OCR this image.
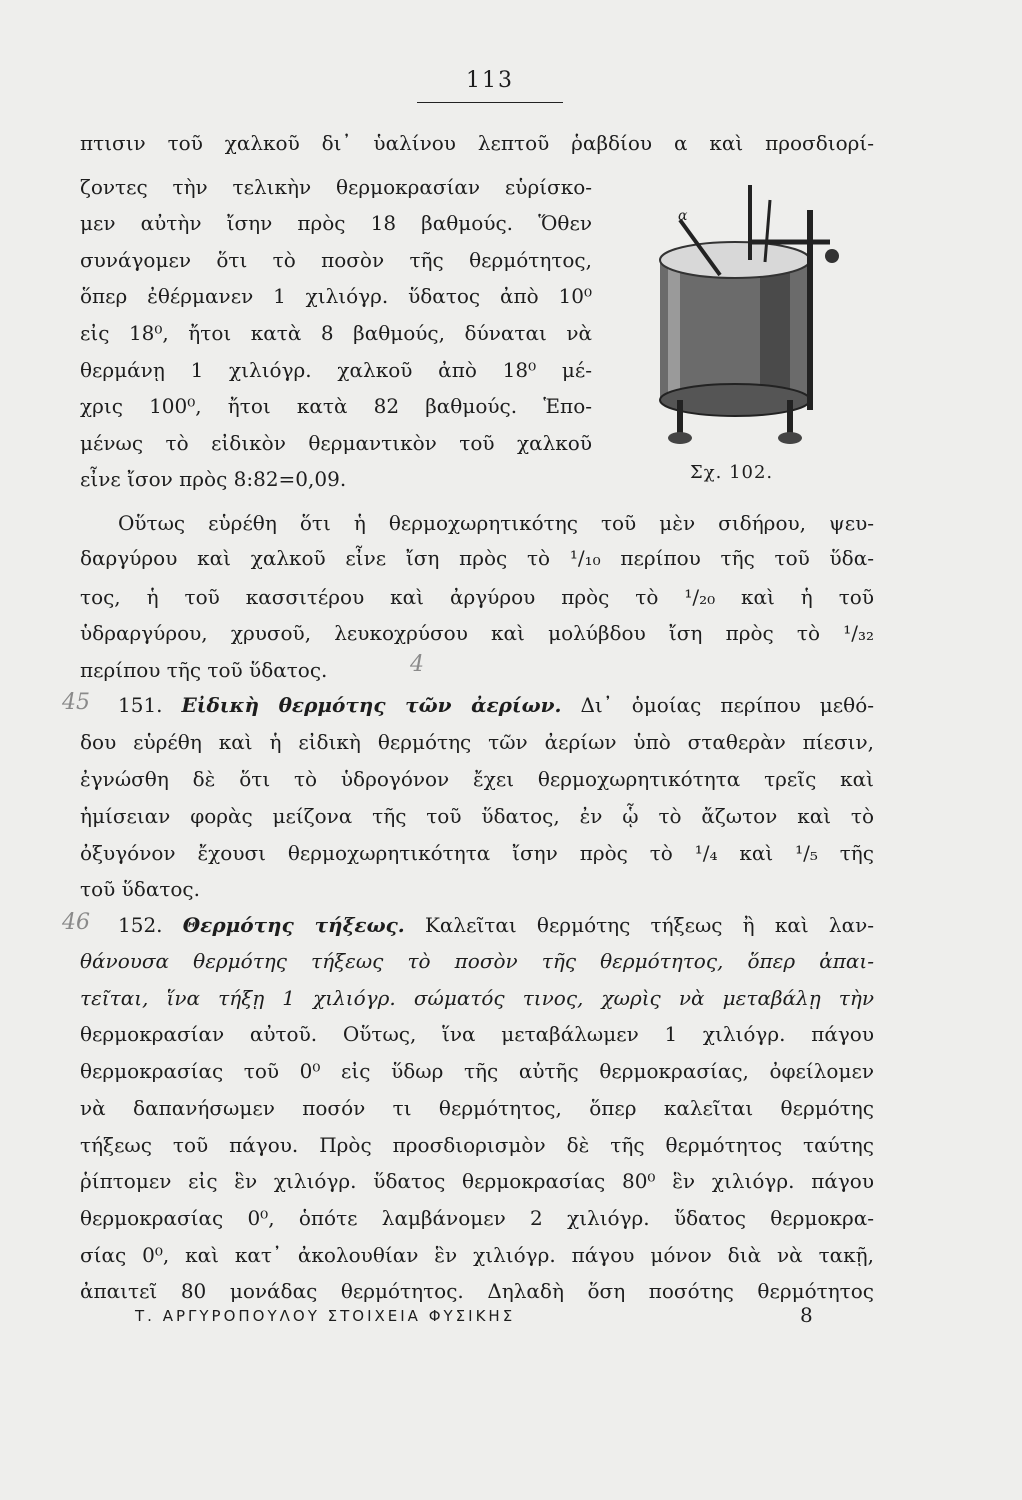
113
πτισιν τοῦ χαλκοῦ δι᾽ ὑαλίνου λεπτοῦ ῥαβδίου α καὶ προσδιορί-
ζοντες τὴν τελικὴν θερμοκρασίαν εὑρίσκο-
μεν αὐτὴν ἴσην πρὸς 18 βαθμούς. Ὅθεν
συνάγομεν ὅτι τὸ ποσὸν τῆς θερμότητος,
ὅπερ ἐθέρμανεν 1 χιλιόγρ. ὕδατος ἀπὸ 10⁰
εἰς 18⁰, ἤτοι κατὰ 8 βαθμούς, δύναται νὰ
θερμάνῃ 1 χιλιόγρ. χαλκοῦ ἀπὸ 18⁰ μέ-
χρις 100⁰, ἤτοι κατὰ 82 βαθμούς. Ἑπο-
μένως τὸ εἰδικὸν θερμαντικὸν τοῦ χαλκοῦ
εἶνε ἴσον πρὸς 8:82=0,09.
α
Σχ. 102.
Οὕτως εὑρέθη ὅτι ἡ θερμοχωρητικότης τοῦ μὲν σιδήρου, ψευ-
δαργύρου καὶ χαλκοῦ εἶνε ἴση πρὸς τὸ ¹/₁₀ περίπου τῆς τοῦ ὕδα-
τος, ἡ τοῦ κασσιτέρου καὶ ἀργύρου πρὸς τὸ ¹/₂₀ καὶ ἡ τοῦ
ὑδραργύρου, χρυσοῦ, λευκοχρύσου καὶ μολύβδου ἴση πρὸς τὸ ¹/₃₂
περίπου τῆς τοῦ ὕδατος.
45
4
151. Εἰδικὴ θερμότης τῶν ἀερίων. Δι᾽ ὁμοίας περίπου μεθό-
δου εὑρέθη καὶ ἡ εἰδικὴ θερμότης τῶν ἀερίων ὑπὸ σταθερὰν πίεσιν,
ἐγνώσθη δὲ ὅτι τὸ ὑδρογόνον ἔχει θερμοχωρητικότητα τρεῖς καὶ
ἡμίσειαν φορὰς μείζονα τῆς τοῦ ὕδατος, ἐν ᾧ τὸ ἄζωτον καὶ τὸ
ὀξυγόνον ἔχουσι θερμοχωρητικότητα ἴσην πρὸς τὸ ¹/₄ καὶ ¹/₅ τῆς
τοῦ ὕδατος.
46 152. Θερμότης τήξεως. Καλεῖται θερμότης τήξεως ἢ καὶ λαν-
θάνουσα θερμότης τήξεως τὸ ποσὸν τῆς θερμότητος, ὅπερ ἀπαι-
τεῖται, ἵνα τήξῃ 1 χιλιόγρ. σώματός τινος, χωρὶς νὰ μεταβάλῃ τὴν
θερμοκρασίαν αὐτοῦ. Οὕτως, ἵνα μεταβάλωμεν 1 χιλιόγρ. πάγου
θερμοκρασίας τοῦ 0⁰ εἰς ὕδωρ τῆς αὐτῆς θερμοκρασίας, ὀφείλομεν
νὰ δαπανήσωμεν ποσόν τι θερμότητος, ὅπερ καλεῖται θερμότης
τήξεως τοῦ πάγου. Πρὸς προσδιορισμὸν δὲ τῆς θερμότητος ταύτης
ῥίπτομεν εἰς ἓν χιλιόγρ. ὕδατος θερμοκρασίας 80⁰ ἓν χιλιόγρ. πάγου
θερμοκρασίας 0⁰, ὁπότε λαμβάνομεν 2 χιλιόγρ. ὕδατος θερμοκρα-
σίας 0⁰, καὶ κατ᾽ ἀκολουθίαν ἓν χιλιόγρ. πάγου μόνον διὰ νὰ τακῇ,
ἀπαιτεῖ 80 μονάδας θερμότητος. Δηλαδὴ ὅση ποσότης θερμότητος
Τ. ΑΡΓΥΡΟΠΟΥΛΟΥ ΣΤΟΙΧΕΙΑ ΦΥΣΙΚΗΣ	8
